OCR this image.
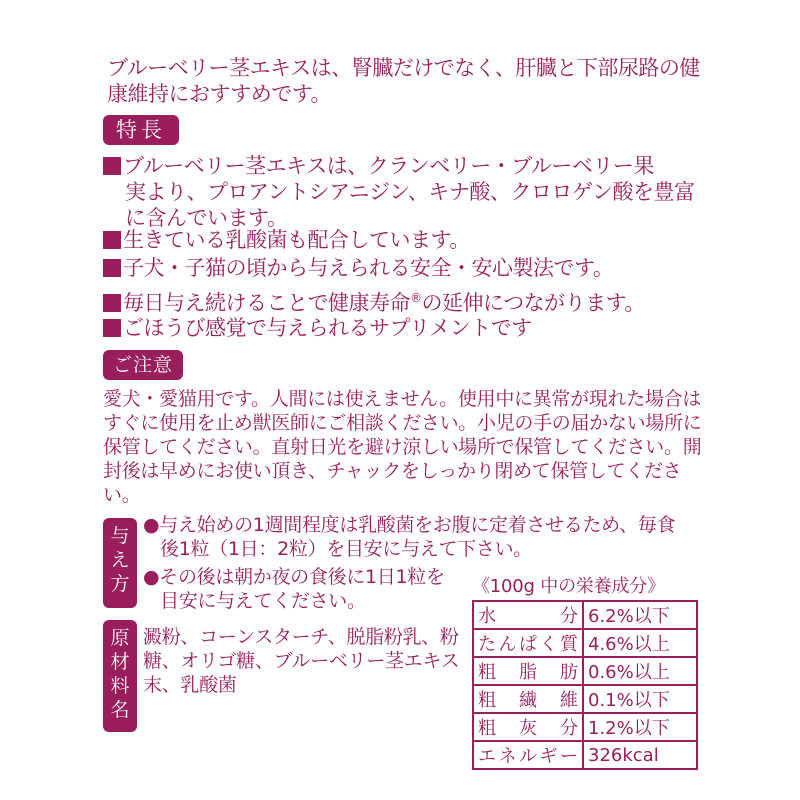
ブルーベリー茎エキスは、腎臓だけでなく、肝臓と下部尿路の健康維持におすすめです。
特長
ブルーベリー茎エキスは、クランベリー・ブルーベリー果
実より、プロアントシアニジン、キナ酸、クロロゲン酸を豊富に含んでいます。
生きている乳酸菌も配合しています。
子犬・子猫の頃から与えられる安全・安心製法です。
毎日与え続けることで健康寿命®の延伸につながります。
ごほうび感覚で与えられるサプリメントです
ご注意
愛犬・愛猫用です。人間には使えません。使用中に異常が現れた場合はすぐに使用を止め獣医師にご相談ください。小児の手の届かない場所に保管してください。直射日光を避け涼しい場所で保管してください。開封後は早めにお使い頂き、チャックをしっかり閉めて保管してください。
与
え
方
●与え始めの1週間程度は乳酸菌をお腹に定着させるため、毎食
後1粒（1日：2粒）を目安に与えて下さい。
●その後は朝か夜の食後に1日1粒を
目安に与えてください。
原
材
料
名
澱粉、コーンスターチ、脱脂粉乳、粉糖、オリゴ糖、ブルーベリー茎エキス末、乳酸菌
《100g 中の栄養成分》
水分	6.2%以下
たんぱく質	4.6%以上
粗脂肪	0.6%以上
粗繊維	0.1%以下
粗灰分	1.2%以下
エネルギー	326kcal
